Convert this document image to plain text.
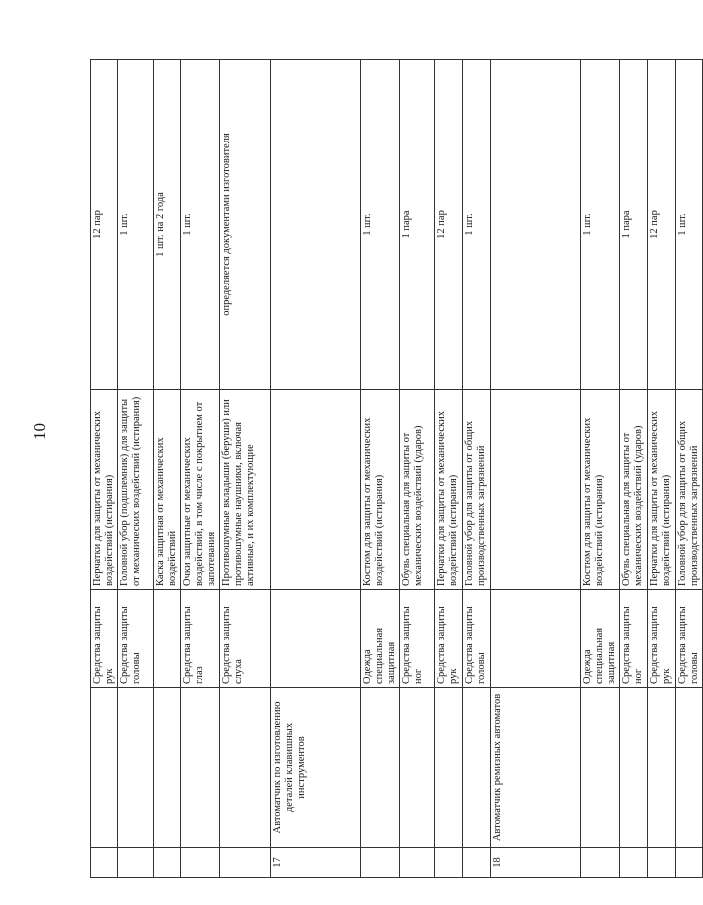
10
		Средства защиты рук	Перчатки для защиты от механических воздействий (истирания)	12 пар
		Средства защиты головы	Головной убор (подшлемник) для защиты от механических воздействий (истирания)	1 шт.
			Каска защитная от механических воздействий	1 шт. на 2 года
		Средства защиты глаз	Очки защитные от механических воздействий, в том числе с покрытием от запотевания	1 шт.
		Средства защиты слуха	Противошумные вкладыши (беруши) или противошумные наушники, включая активные, и их комплектующие	определяется документами изготовителя
17	Автоматчик по изготовлению деталей клавишных инструментов			
		Одежда специальная защитная	Костюм для защиты от механических воздействий (истирания)	1 шт.
		Средства защиты ног	Обувь специальная для защиты от механических воздействий (ударов)	1 пара
		Средства защиты рук	Перчатки для защиты от механических воздействий (истирания)	12 пар
		Средства защиты головы	Головной убор для защиты от общих производственных загрязнений	1 шт.
18	Автоматчик ремизных автоматов			
		Одежда специальная защитная	Костюм для защиты от механических воздействий (истирания)	1 шт.
		Средства защиты ног	Обувь специальная для защиты от механических воздействий (ударов)	1 пара
		Средства защиты рук	Перчатки для защиты от механических воздействий (истирания)	12 пар
		Средства защиты головы	Головной убор для защиты от общих производственных загрязнений	1 шт.
